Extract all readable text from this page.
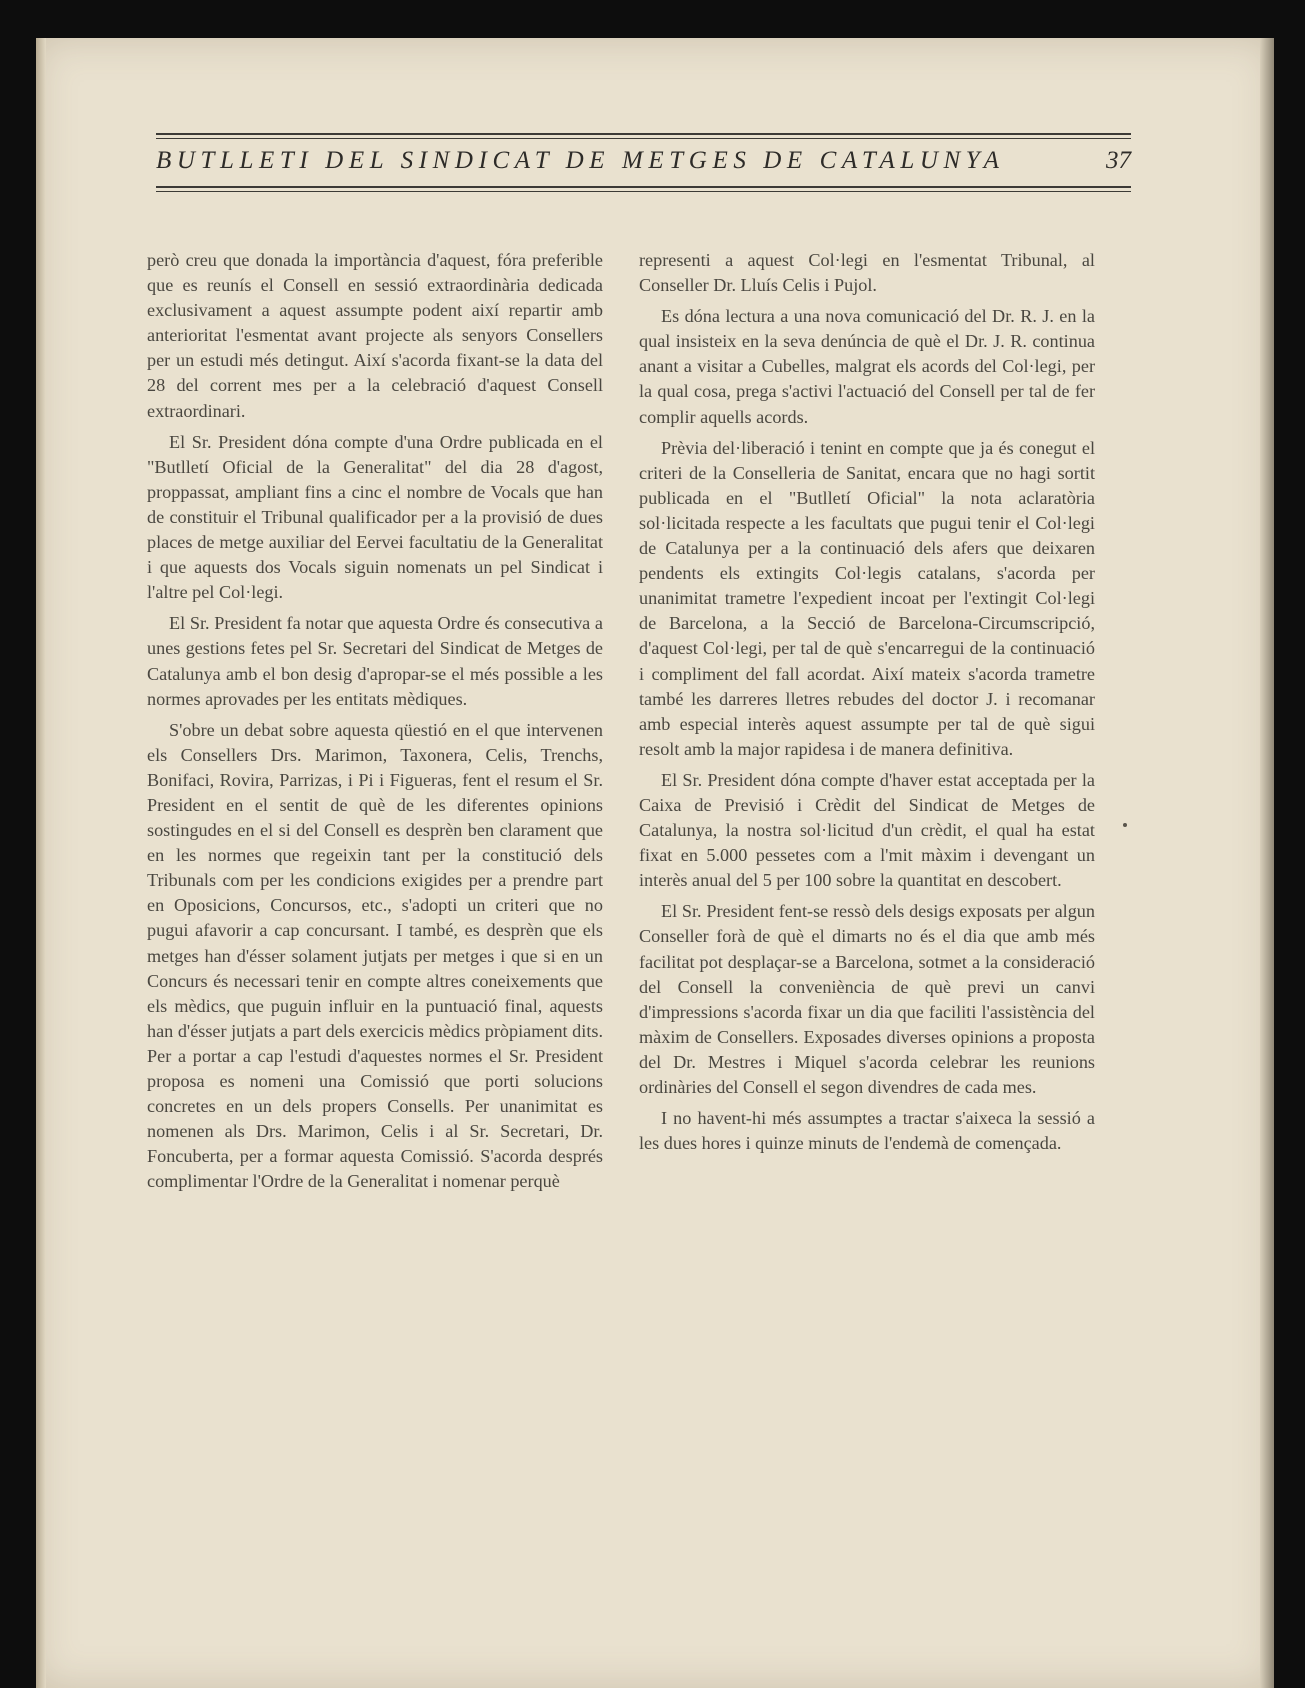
BUTLLETI DEL SINDICAT DE METGES DE CATALUNYA	37

però creu que donada la importància d'aquest, fóra preferible que es reunís el Consell en sessió extraordinària dedicada exclusivament a aquest assumpte podent així repartir amb anterioritat l'esmentat avant projecte als senyors Consellers per un estudi més detingut. Així s'acorda fixant-se la data del 28 del corrent mes per a la celebració d'aquest Consell extraordinari.

El Sr. President dóna compte d'una Ordre publicada en el "Butlletí Oficial de la Generalitat" del dia 28 d'agost, proppassat, ampliant fins a cinc el nombre de Vocals que han de constituir el Tribunal qualificador per a la provisió de dues places de metge auxiliar del Eervei facultatiu de la Generalitat i que aquests dos Vocals siguin nomenats un pel Sindicat i l'altre pel Col·legi.

El Sr. President fa notar que aquesta Ordre és consecutiva a unes gestions fetes pel Sr. Secretari del Sindicat de Metges de Catalunya amb el bon desig d'apropar-se el més possible a les normes aprovades per les entitats mèdiques.

S'obre un debat sobre aquesta qüestió en el que intervenen els Consellers Drs. Marimon, Taxonera, Celis, Trenchs, Bonifaci, Rovira, Parrizas, i Pi i Figueras, fent el resum el Sr. President en el sentit de què de les diferentes opinions sostingudes en el si del Consell es desprèn ben clarament que en les normes que regeixin tant per la constitució dels Tribunals com per les condicions exigides per a prendre part en Oposicions, Concursos, etc., s'adopti un criteri que no pugui afavorir a cap concursant. I també, es desprèn que els metges han d'ésser solament jutjats per metges i que si en un Concurs és necessari tenir en compte altres coneixements que els mèdics, que puguin influir en la puntuació final, aquests han d'ésser jutjats a part dels exercicis mèdics pròpiament dits. Per a portar a cap l'estudi d'aquestes normes el Sr. President proposa es nomeni una Comissió que porti solucions concretes en un dels propers Consells. Per unanimitat es nomenen als Drs. Marimon, Celis i al Sr. Secretari, Dr. Foncuberta, per a formar aquesta Comissió. S'acorda després complimentar l'Ordre de la Generalitat i nomenar perquè

representi a aquest Col·legi en l'esmentat Tribunal, al Conseller Dr. Lluís Celis i Pujol.

Es dóna lectura a una nova comunicació del Dr. R. J. en la qual insisteix en la seva denúncia de què el Dr. J. R. continua anant a visitar a Cubelles, malgrat els acords del Col·legi, per la qual cosa, prega s'activi l'actuació del Consell per tal de fer complir aquells acords.

Prèvia del·liberació i tenint en compte que ja és conegut el criteri de la Conselleria de Sanitat, encara que no hagi sortit publicada en el "Butlletí Oficial" la nota aclaratòria sol·licitada respecte a les facultats que pugui tenir el Col·legi de Catalunya per a la continuació dels afers que deixaren pendents els extingits Col·legis catalans, s'acorda per unanimitat trametre l'expedient incoat per l'extingit Col·legi de Barcelona, a la Secció de Barcelona-Circumscripció, d'aquest Col·legi, per tal de què s'encarregui de la continuació i compliment del fall acordat. Així mateix s'acorda trametre també les darreres lletres rebudes del doctor J. i recomanar amb especial interès aquest assumpte per tal de què sigui resolt amb la major rapidesa i de manera definitiva.

El Sr. President dóna compte d'haver estat acceptada per la Caixa de Previsió i Crèdit del Sindicat de Metges de Catalunya, la nostra sol·licitud d'un crèdit, el qual ha estat fixat en 5.000 pessetes com a l'mit màxim i devengant un interès anual del 5 per 100 sobre la quantitat en descobert.

El Sr. President fent-se ressò dels desigs exposats per algun Conseller forà de què el dimarts no és el dia que amb més facilitat pot desplaçar-se a Barcelona, sotmet a la consideració del Consell la conveniència de què previ un canvi d'impressions s'acorda fixar un dia que faciliti l'assistència del màxim de Consellers. Exposades diverses opinions a proposta del Dr. Mestres i Miquel s'acorda celebrar les reunions ordinàries del Consell el segon divendres de cada mes.

I no havent-hi més assumptes a tractar s'aixeca la sessió a les dues hores i quinze minuts de l'endemà de començada.
